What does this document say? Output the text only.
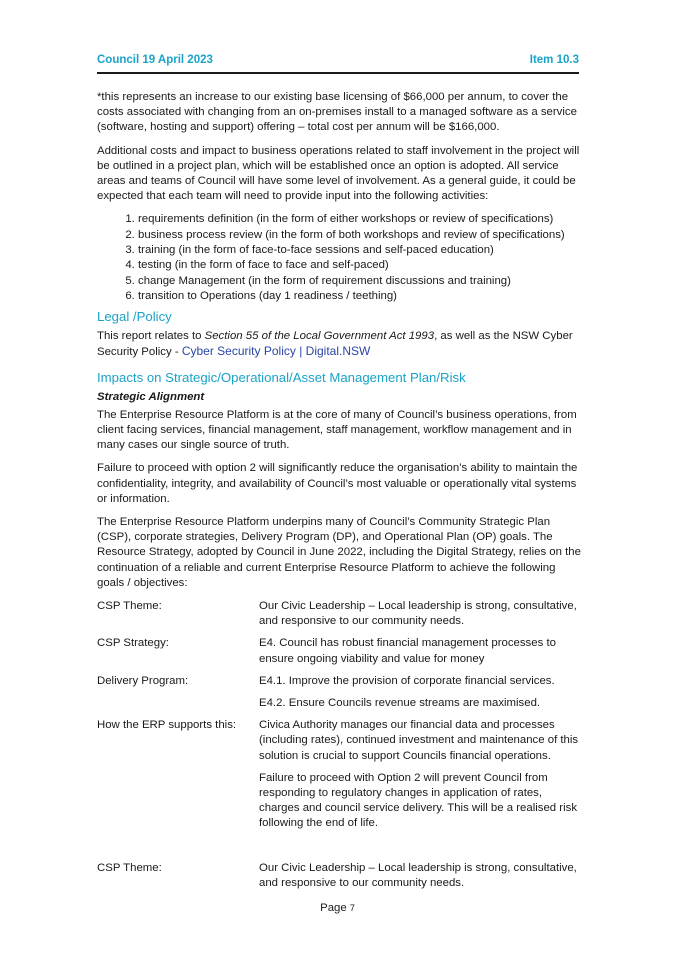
Council 19 April 2023	Item 10.3

*this represents an increase to our existing base licensing of $66,000 per annum, to cover the costs associated with changing from an on-premises install to a managed software as a service (software, hosting and support) offering – total cost per annum will be $166,000.

Additional costs and impact to business operations related to staff involvement in the project will be outlined in a project plan, which will be established once an option is adopted. All service areas and teams of Council will have some level of involvement. As a general guide, it could be expected that each team will need to provide input into the following activities:

1. requirements definition (in the form of either workshops or review of specifications)
2. business process review (in the form of both workshops and review of specifications)
3. training (in the form of face-to-face sessions and self-paced education)
4. testing (in the form of face to face and self-paced)
5. change Management (in the form of requirement discussions and training)
6. transition to Operations (day 1 readiness / teething)
Legal /Policy

This report relates to Section 55 of the Local Government Act 1993, as well as the NSW Cyber Security Policy - Cyber Security Policy | Digital.NSW

Impacts on Strategic/Operational/Asset Management Plan/Risk
Strategic Alignment

The Enterprise Resource Platform is at the core of many of Council’s business operations, from client facing services, financial management, staff management, workflow management and in many cases our single source of truth.

Failure to proceed with option 2 will significantly reduce the organisation’s ability to maintain the confidentiality, integrity, and availability of Council’s most valuable or operationally vital systems or information.

The Enterprise Resource Platform underpins many of Council’s Community Strategic Plan (CSP), corporate strategies, Delivery Program (DP), and Operational Plan (OP) goals. The Resource Strategy, adopted by Council in June 2022, including the Digital Strategy, relies on the continuation of a reliable and current Enterprise Resource Platform to achieve the following goals / objectives:

CSP Theme:	Our Civic Leadership – Local leadership is strong, consultative, and responsive to our community needs.

CSP Strategy:	E4. Council has robust financial management processes to ensure ongoing viability and value for money

Delivery Program:	E4.1. Improve the provision of corporate financial services.

E4.2. Ensure Councils revenue streams are maximised.

How the ERP supports this:	Civica Authority manages our financial data and processes (including rates), continued investment and maintenance of this solution is crucial to support Councils financial operations.

Failure to proceed with Option 2 will prevent Council from responding to regulatory changes in application of rates, charges and council service delivery. This will be a realised risk following the end of life.

CSP Theme:	Our Civic Leadership – Local leadership is strong, consultative, and responsive to our community needs.

Page 7
